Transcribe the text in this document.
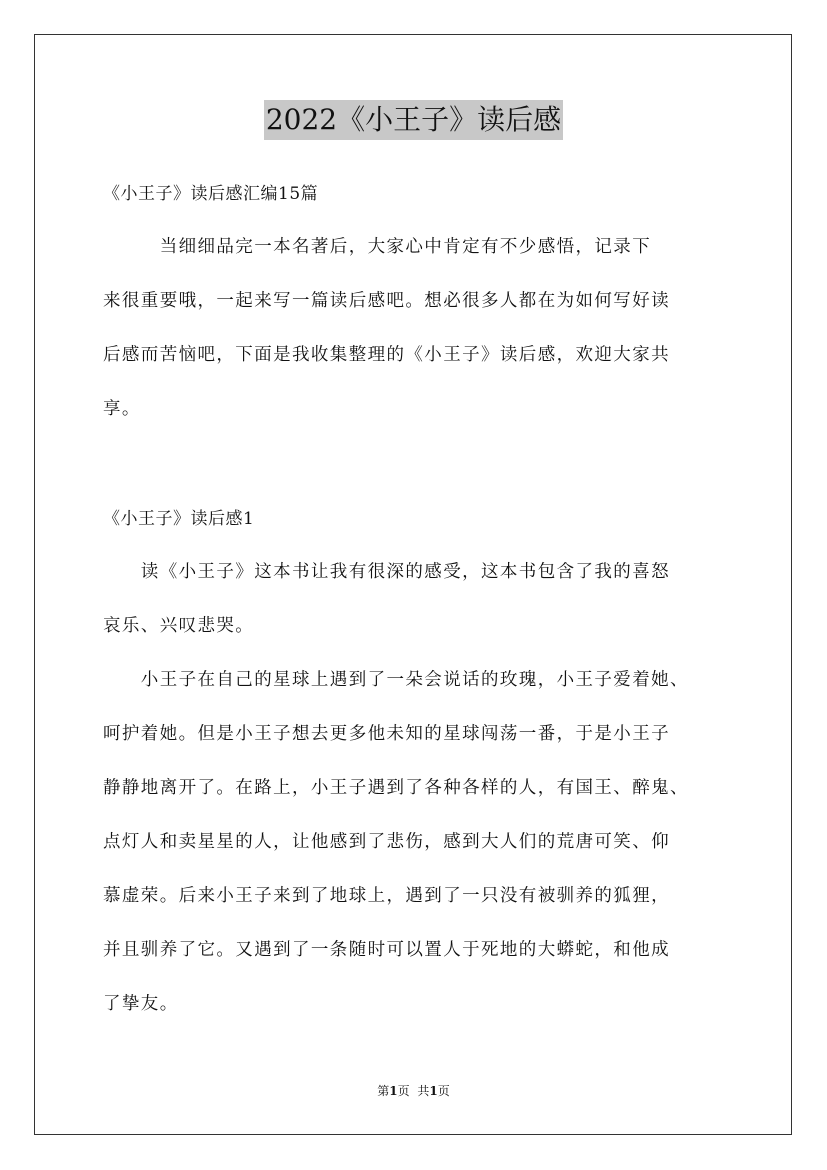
2022《小王子》读后感
《小王子》读后感汇编15篇
　　　当细细品完一本名著后，大家心中肯定有不少感悟，记录下
来很重要哦，一起来写一篇读后感吧。想必很多人都在为如何写好读
后感而苦恼吧，下面是我收集整理的《小王子》读后感，欢迎大家共
享。
《小王子》读后感1
　　读《小王子》这本书让我有很深的感受，这本书包含了我的喜怒
哀乐、兴叹悲哭。
　　小王子在自己的星球上遇到了一朵会说话的玫瑰，小王子爱着她、
呵护着她。但是小王子想去更多他未知的星球闯荡一番，于是小王子
静静地离开了。在路上，小王子遇到了各种各样的人，有国王、醉鬼、
点灯人和卖星星的人，让他感到了悲伤，感到大人们的荒唐可笑、仰
慕虚荣。后来小王子来到了地球上，遇到了一只没有被驯养的狐狸，
并且驯养了它。又遇到了一条随时可以置人于死地的大蟒蛇，和他成
了挚友。
第1页 共1页
